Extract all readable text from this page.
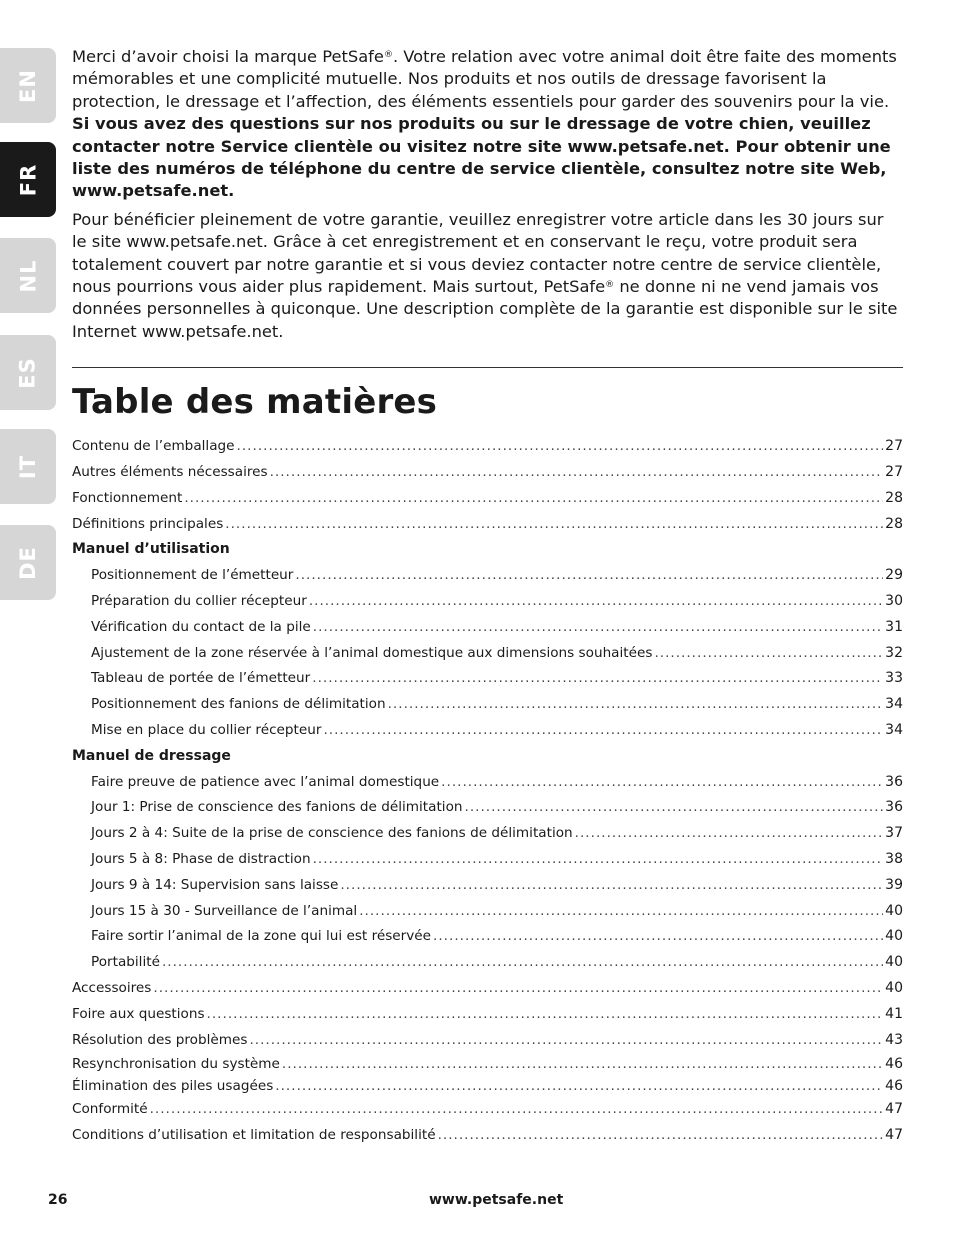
EN
FR
NL
ES
IT
DE

Merci d’avoir choisi la marque PetSafe®. Votre relation avec votre animal doit être faite des moments mémorables et une complicité mutuelle. Nos produits et nos outils de dressage favorisent la protection, le dressage et l’affection, des éléments essentiels pour garder des souvenirs pour la vie. Si vous avez des questions sur nos produits ou sur le dressage de votre chien, veuillez contacter notre Service clientèle ou visitez notre site www.petsafe.net. Pour obtenir une liste des numéros de téléphone du centre de service clientèle, consultez notre site Web, www.petsafe.net.

Pour bénéficier pleinement de votre garantie, veuillez enregistrer votre article dans les 30 jours sur le site www.petsafe.net. Grâce à cet enregistrement et en conservant le reçu, votre produit sera totalement couvert par notre garantie et si vous deviez contacter notre centre de service clientèle, nous pourrions vous aider plus rapidement. Mais surtout, PetSafe® ne donne ni ne vend jamais vos données personnelles à quiconque. Une description complète de la garantie est disponible sur le site Internet www.petsafe.net.

Table des matières
Contenu de l’emballage .....	27
Autres éléments nécessaires .....	27
Fonctionnement .....	28
Définitions principales .....	28
Manuel d’utilisation
Positionnement de l’émetteur .....	29
Préparation du collier récepteur .....	30
Vérification du contact de la pile .....	31
Ajustement de la zone réservée à l’animal domestique aux dimensions souhaitées .....	32
Tableau de portée de l’émetteur .....	33
Positionnement des fanions de délimitation .....	34
Mise en place du collier récepteur .....	34
Manuel de dressage
Faire preuve de patience avec l’animal domestique .....	36
Jour 1: Prise de conscience des fanions de délimitation .....	36
Jours 2 à 4: Suite de la prise de conscience des fanions de délimitation .....	37
Jours 5 à 8: Phase de distraction .....	38
Jours 9 à 14: Supervision sans laisse .....	39
Jours 15 à 30 - Surveillance de l’animal .....	40
Faire sortir l’animal de la zone qui lui est réservée .....	40
Portabilité .....	40
Accessoires .....	40
Foire aux questions .....	41
Résolution des problèmes .....	43
Resynchronisation du système .....	46
Élimination des piles usagées .....	46
Conformité .....	47
Conditions d’utilisation et limitation de responsabilité .....	47
26	www.petsafe.net
